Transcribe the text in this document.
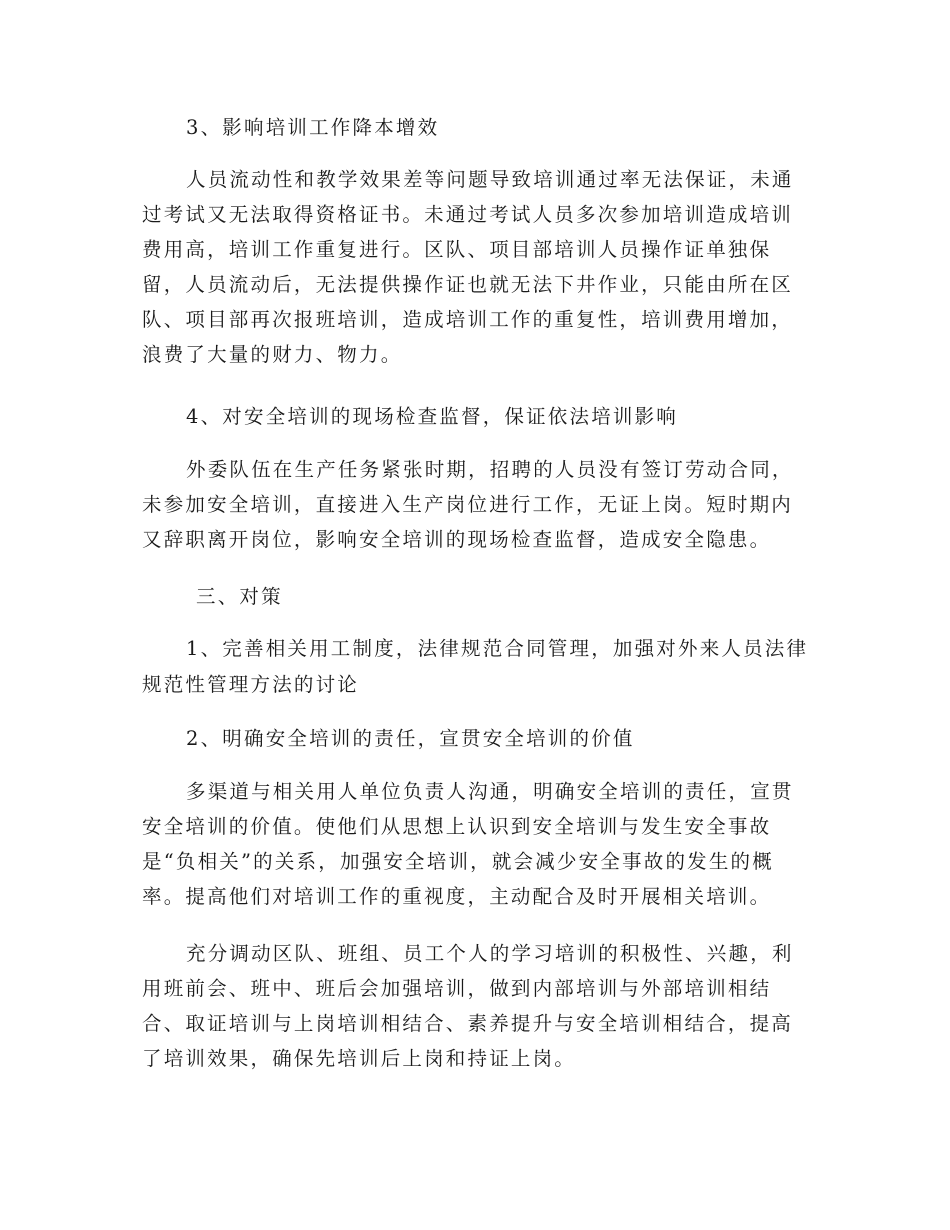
3、影响培训工作降本增效

人员流动性和教学效果差等问题导致培训通过率无法保证，未通

过考试又无法取得资格证书。未通过考试人员多次参加培训造成培训

费用高，培训工作重复进行。区队、项目部培训人员操作证单独保

留，人员流动后，无法提供操作证也就无法下井作业，只能由所在区

队、项目部再次报班培训，造成培训工作的重复性，培训费用增加，

浪费了大量的财力、物力。

4、对安全培训的现场检查监督，保证依法培训影响

外委队伍在生产任务紧张时期，招聘的人员没有签订劳动合同，

未参加安全培训，直接进入生产岗位进行工作，无证上岗。短时期内

又辞职离开岗位，影响安全培训的现场检查监督，造成安全隐患。

三、对策

1、完善相关用工制度，法律规范合同管理，加强对外来人员法律

规范性管理方法的讨论

2、明确安全培训的责任，宣贯安全培训的价值

多渠道与相关用人单位负责人沟通，明确安全培训的责任，宣贯

安全培训的价值。使他们从思想上认识到安全培训与发生安全事故

是“负相关”的关系，加强安全培训，就会减少安全事故的发生的概

率。提高他们对培训工作的重视度，主动配合及时开展相关培训。

充分调动区队、班组、员工个人的学习培训的积极性、兴趣，利

用班前会、班中、班后会加强培训，做到内部培训与外部培训相结

合、取证培训与上岗培训相结合、素养提升与安全培训相结合，提高

了培训效果，确保先培训后上岗和持证上岗。
